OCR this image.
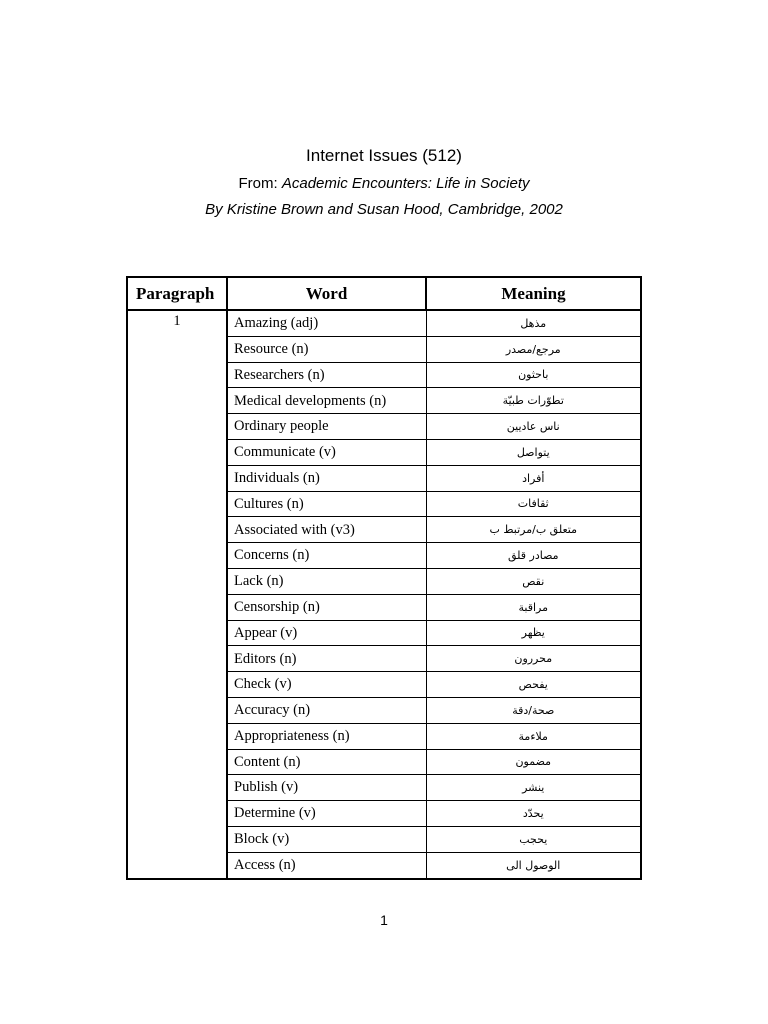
Internet Issues (512)
From: Academic Encounters: Life in Society
By Kristine Brown and Susan Hood, Cambridge, 2002
Paragraph	Word	Meaning
1	Amazing (adj)	مذهل
	Resource (n)	مرجع/مصدر
	Researchers (n)	باحثون
	Medical developments (n)	تطوّرات طبيّة
	Ordinary people	ناس عاديين
	Communicate (v)	يتواصل
	Individuals (n)	أفراد
	Cultures (n)	ثقافات
	Associated with (v3)	متعلق ب/مرتبط ب
	Concerns (n)	مصادر قلق
	Lack (n)	نقص
	Censorship (n)	مراقبة
	Appear (v)	يظهر
	Editors (n)	محررون
	Check (v)	يفحص
	Accuracy (n)	صحة/دقة
	Appropriateness (n)	ملاءمة
	Content (n)	مضمون
	Publish (v)	ينشر
	Determine (v)	يحدّد
	Block (v)	يحجب
	Access (n)	الوصول الى
1
